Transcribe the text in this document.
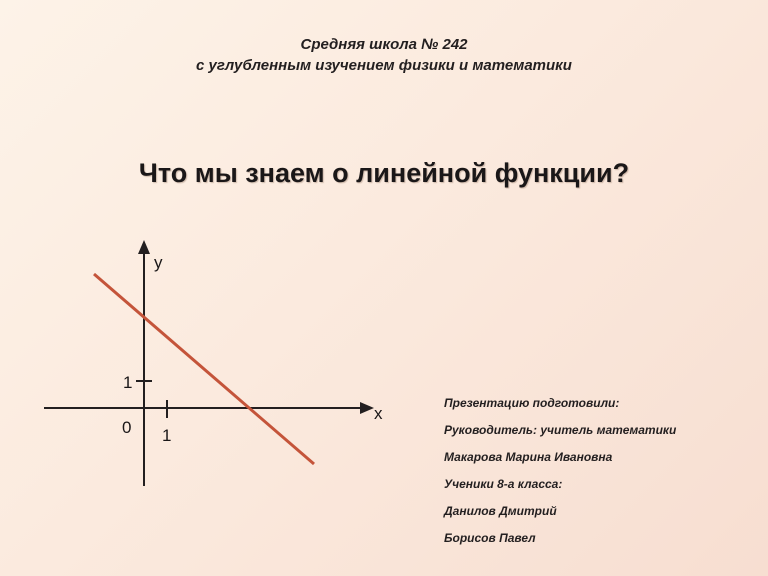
Средняя школа № 242
с углубленным изучением физики и математики
Что мы знаем о линейной функции?
y
x
1
1
0
Презентацию подготовили:
Руководитель: учитель математики
Макарова Марина Ивановна
Ученики 8-а класса:
Данилов Дмитрий
Борисов Павел
